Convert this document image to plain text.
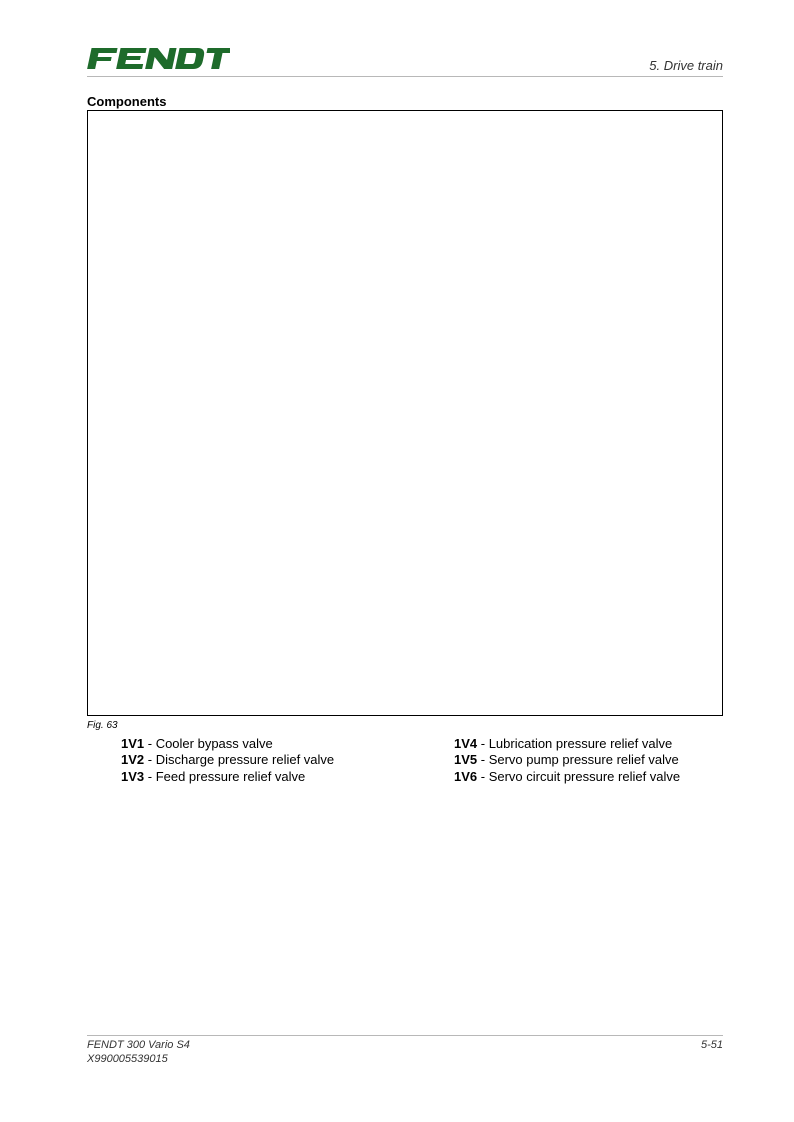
5. Drive train
Components
Fig. 63
1V1 - Cooler bypass valve
1V2 - Discharge pressure relief valve
1V3 - Feed pressure relief valve
1V4 - Lubrication pressure relief valve
1V5 - Servo pump pressure relief valve
1V6 - Servo circuit pressure relief valve
FENDT 300 Vario S4
X990005539015
5-51
